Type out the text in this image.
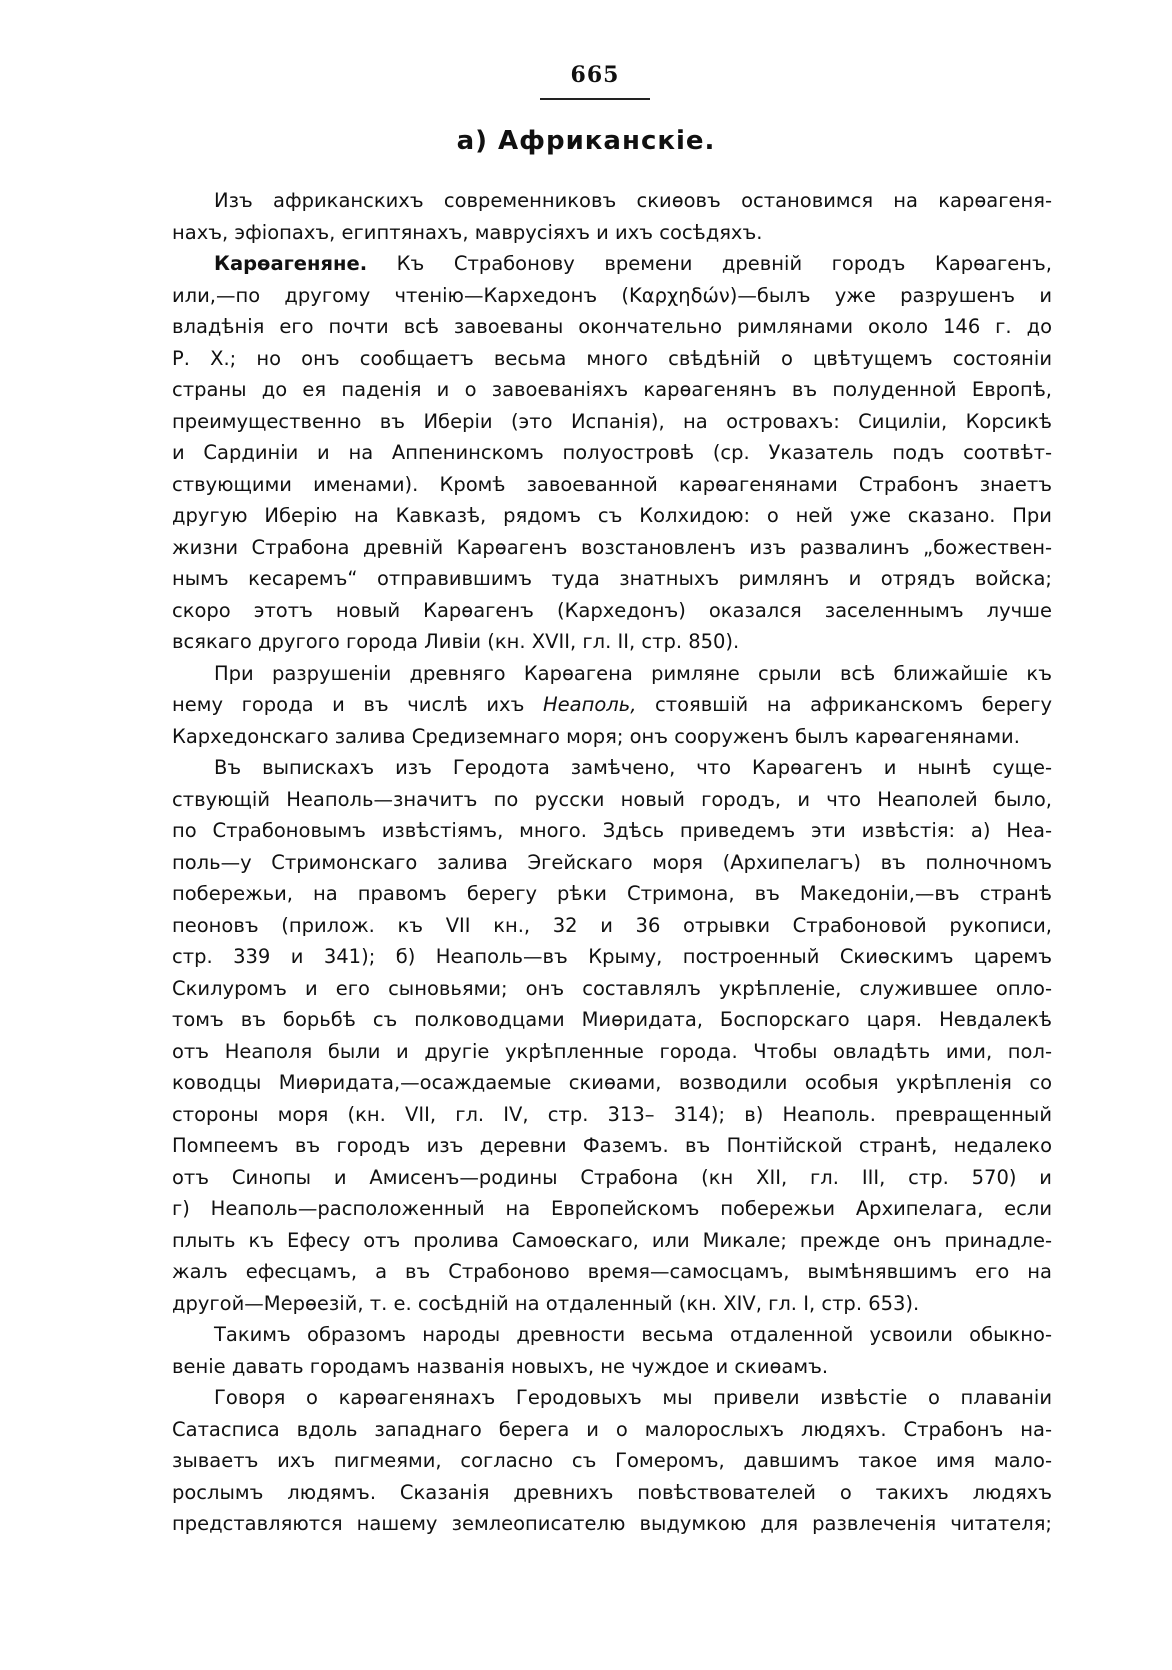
665
а) Африканскіе.
Изъ африканскихъ современниковъ скиѳовъ остановимся на карѳагеня-
нахъ, эфіопахъ, египтянахъ, маврусіяхъ и ихъ сосѣдяхъ.
Карѳагеняне. Къ Страбонову времени древній городъ Карѳагенъ,
или,—по другому чтенію—Кархедонъ (Καρχηδών)—былъ уже разрушенъ и
владѣнія его почти всѣ завоеваны окончательно римлянами около 146 г. до
Р. Х.; но онъ сообщаетъ весьма много свѣдѣній о цвѣтущемъ состояніи
страны до ея паденія и о завоеваніяхъ карѳагенянъ въ полуденной Европѣ,
преимущественно въ Иберіи (это Испанія), на островахъ: Сициліи, Корсикѣ
и Сардиніи и на Аппенинскомъ полуостровѣ (ср. Указатель подъ соотвѣт-
ствующими именами). Кромѣ завоеванной карѳагенянами Страбонъ знаетъ
другую Иберію на Кавказѣ, рядомъ съ Колхидою: о ней уже сказано. При
жизни Страбона древній Карѳагенъ возстановленъ изъ развалинъ „божествен-
нымъ кесаремъ“ отправившимъ туда знатныхъ римлянъ и отрядъ войска;
скоро этотъ новый Карѳагенъ (Кархедонъ) оказался заселеннымъ лучше
всякаго другого города Ливіи (кн. XVII, гл. II, стр. 850).
При разрушеніи древняго Карѳагена римляне срыли всѣ ближайшіе къ
нему города и въ числѣ ихъ Неаполь, стоявшій на африканскомъ берегу
Кархедонскаго залива Средиземнаго моря; онъ сооруженъ былъ карѳагенянами.
Въ выпискахъ изъ Геродота замѣчено, что Карѳагенъ и нынѣ суще-
ствующій Неаполь—значитъ по русски новый городъ, и что Неаполей было,
по Страбоновымъ извѣстіямъ, много. Здѣсь приведемъ эти извѣстія: а) Неа-
поль—у Стримонскаго залива Эгейскаго моря (Архипелагъ) въ полночномъ
побережьи, на правомъ берегу рѣки Стримона, въ Македоніи,—въ странѣ
пеоновъ (прилож. къ VII кн., 32 и 36 отрывки Страбоновой рукописи,
стр. 339 и 341); б) Неаполь—въ Крыму, построенный Скиѳскимъ царемъ
Скилуромъ и его сыновьями; онъ составлялъ укрѣпленіе, служившее опло-
томъ въ борьбѣ съ полководцами Миѳридата, Боспорскаго царя. Невдалекѣ
отъ Неаполя были и другіе укрѣпленные города. Чтобы овладѣть ими, пол-
ководцы Миѳридата,—осаждаемые скиѳами, возводили особыя укрѣпленія со
стороны моря (кн. VII, гл. IV, стр. 313– 314); в) Неаполь. превращенный
Помпеемъ въ городъ изъ деревни Фаземъ. въ Понтійской странѣ, недалеко
отъ Синопы и Амисенъ—родины Страбона (кн XII, гл. III, стр. 570) и
г) Неаполь—расположенный на Европейскомъ побережьи Архипелага, если
плыть къ Ефесу отъ пролива Самоѳскаго, или Микале; прежде онъ принадле-
жалъ ефесцамъ, а въ Страбоново время—самосцамъ, вымѣнявшимъ его на
другой—Мерѳезій, т. е. сосѣдній на отдаленный (кн. XIV, гл. I, стр. 653).
Такимъ образомъ народы древности весьма отдаленной усвоили обыкно-
веніе давать городамъ названія новыхъ, не чуждое и скиѳамъ.
Говоря о карѳагенянахъ Геродовыхъ мы привели извѣстіе о плаваніи
Сатасписа вдоль западнаго берега и о малорослыхъ людяхъ. Страбонъ на-
зываетъ ихъ пигмеями, согласно съ Гомеромъ, давшимъ такое имя мало-
рослымъ людямъ. Сказанія древнихъ повѣствователей о такихъ людяхъ
представляются нашему землеописателю выдумкою для развлеченія читателя;
